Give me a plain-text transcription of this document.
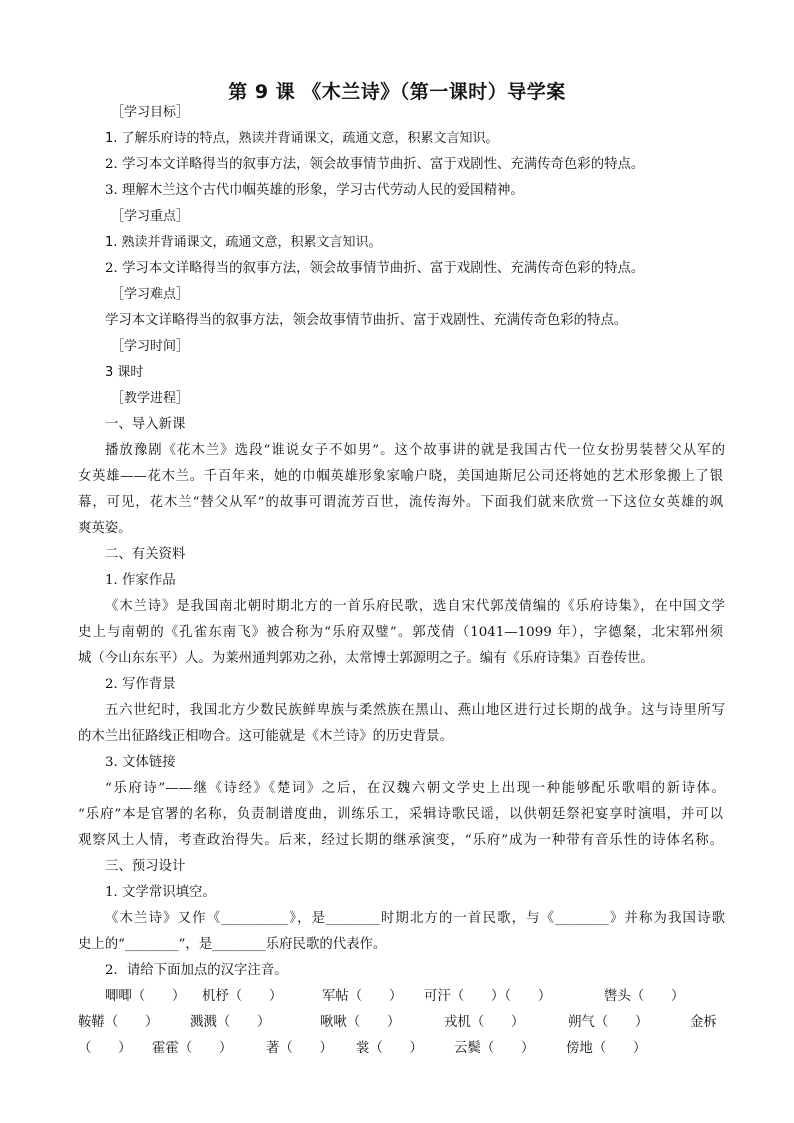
第 9 课 《木兰诗》（第一课时）导学案
［学习目标］
1. 了解乐府诗的特点，熟读并背诵课文，疏通文意，积累文言知识。
2. 学习本文详略得当的叙事方法，领会故事情节曲折、富于戏剧性、充满传奇色彩的特点。
3. 理解木兰这个古代巾帼英雄的形象，学习古代劳动人民的爱国精神。
［学习重点］
1. 熟读并背诵课文，疏通文意，积累文言知识。
2. 学习本文详略得当的叙事方法，领会故事情节曲折、富于戏剧性、充满传奇色彩的特点。
［学习难点］
学习本文详略得当的叙事方法，领会故事情节曲折、富于戏剧性、充满传奇色彩的特点。
［学习时间］
3 课时
［教学进程］
一、导入新课
播放豫剧《花木兰》选段“谁说女子不如男”。这个故事讲的就是我国古代一位女扮男装替父从军的
女英雄——花木兰。千百年来，她的巾帼英雄形象家喻户晓，美国迪斯尼公司还将她的艺术形象搬上了银
幕，可见，花木兰“替父从军”的故事可谓流芳百世，流传海外。下面我们就来欣赏一下这位女英雄的飒
爽英姿。
二、有关资料
1. 作家作品
《木兰诗》是我国南北朝时期北方的一首乐府民歌，选自宋代郭茂倩编的《乐府诗集》，在中国文学
史上与南朝的《孔雀东南飞》被合称为“乐府双璧”。郭茂倩（1041—1099 年），字德粲，北宋郓州须
城（今山东东平）人。为莱州通判郭劝之孙，太常博士郭源明之子。编有《乐府诗集》百卷传世。
2. 写作背景
五六世纪时，我国北方少数民族鲜卑族与柔然族在黑山、燕山地区进行过长期的战争。这与诗里所写
的木兰出征路线正相吻合。这可能就是《木兰诗》的历史背景。
3. 文体链接
“乐府诗”——继《诗经》《楚词》之后，在汉魏六朝文学史上出现一种能够配乐歌唱的新诗体。
“乐府”本是官署的名称，负责制谱度曲，训练乐工，采辑诗歌民谣，以供朝廷祭祀宴享时演唱，并可以
观察风土人情，考查政治得失。后来，经过长期的继承演变，“乐府”成为一种带有音乐性的诗体名称。
三、预习设计
1. 文学常识填空。
《木兰诗》又作《__________》，是________时期北方的一首民歌，与《________》并称为我国诗歌
史上的“________”，是________乐府民歌的代表作。
2．请给下面加点的汉字注音。
唧唧（　　） 机杼（　　）	军帖（　　） 可汗（　　）（　　）	辔头（　　）
鞍鞯（　　） 溅溅（　　）	啾啾（　　）	戎机（　　）	朔气（　　）	金柝
（　　） 霍霍（　　）	著（　　） 裳（　　） 云鬓（　　） 傍地（　　）
